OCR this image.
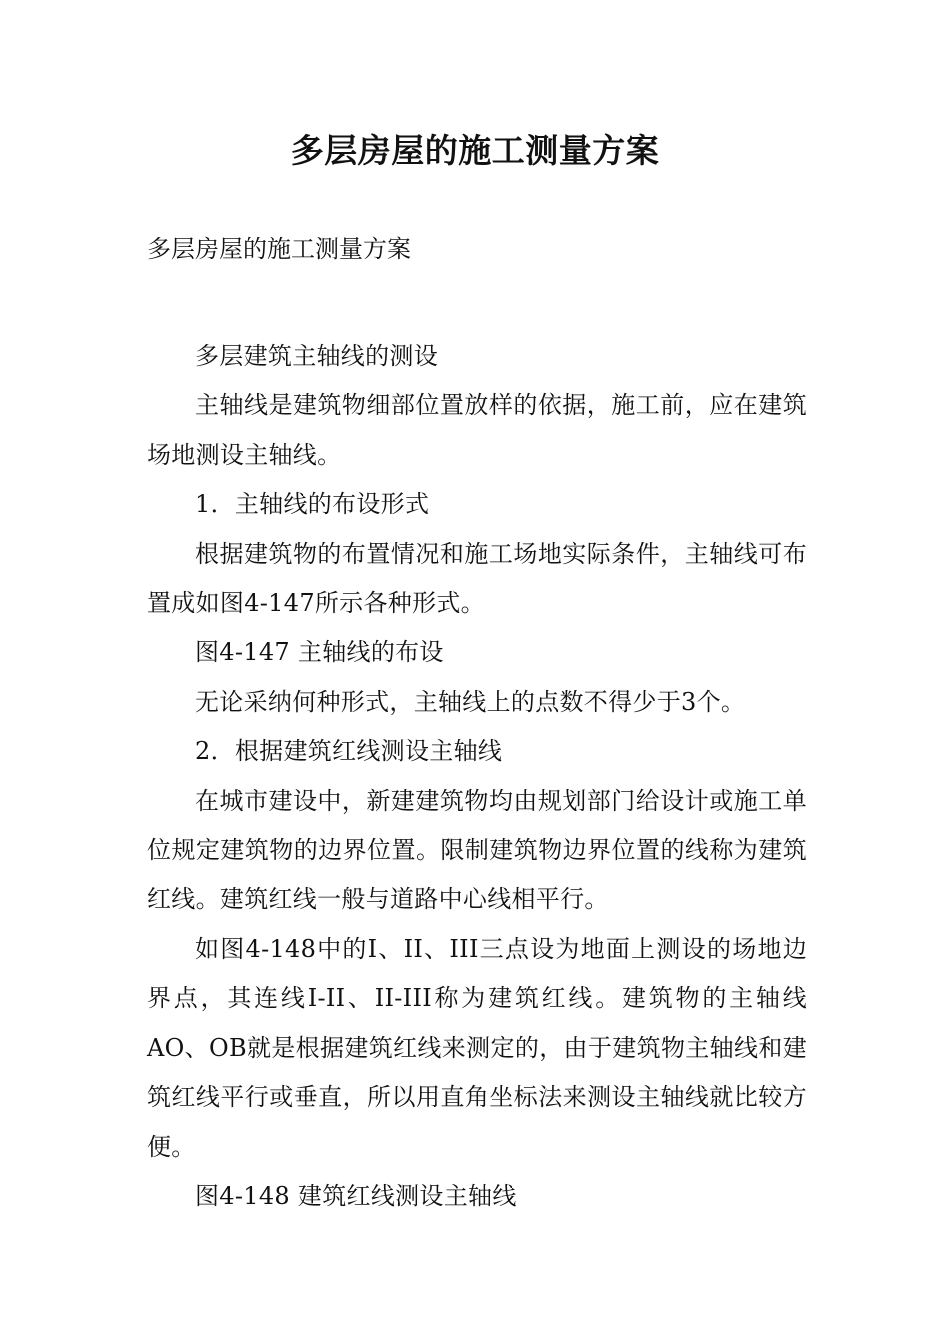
多层房屋的施工测量方案

多层房屋的施工测量方案

多层建筑主轴线的测设

主轴线是建筑物细部位置放样的依据，施工前，应在建筑场地测设主轴线。

1．主轴线的布设形式

根据建筑物的布置情况和施工场地实际条件，主轴线可布置成如图4-147所示各种形式。

图4-147 主轴线的布设

无论采纳何种形式，主轴线上的点数不得少于3个。

2．根据建筑红线测设主轴线

在城市建设中，新建建筑物均由规划部门给设计或施工单位规定建筑物的边界位置。限制建筑物边界位置的线称为建筑红线。建筑红线一般与道路中心线相平行。

如图4-148中的I、II、III三点设为地面上测设的场地边界点，其连线I-II、II-III称为建筑红线。建筑物的主轴线AO、OB就是根据建筑红线来测定的，由于建筑物主轴线和建筑红线平行或垂直，所以用直角坐标法来测设主轴线就比较方便。

图4-148 建筑红线测设主轴线
